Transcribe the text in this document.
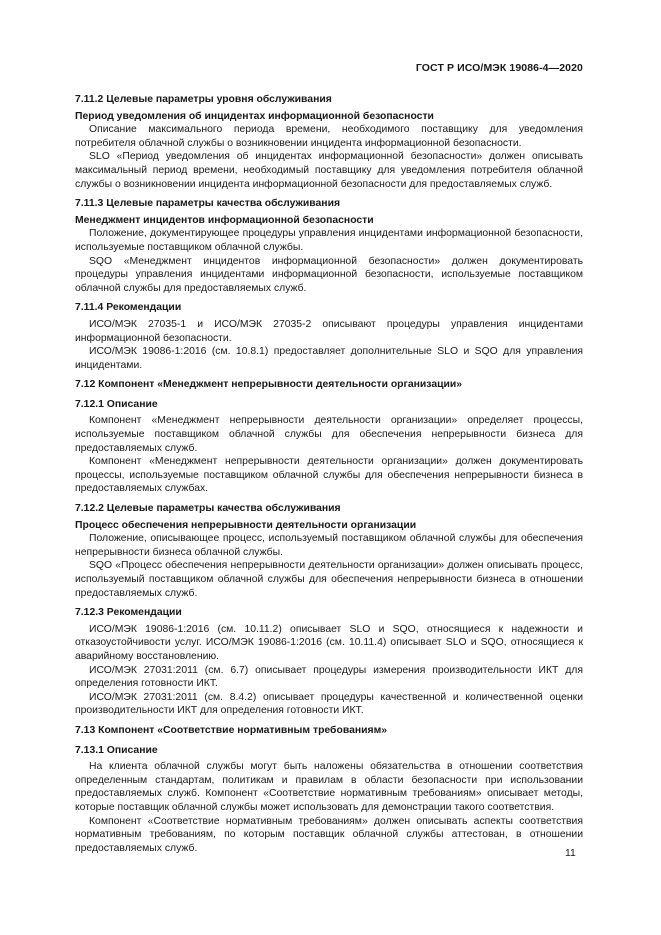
ГОСТ Р ИСО/МЭК 19086-4—2020
7.11.2 Целевые параметры уровня обслуживания
Период уведомления об инцидентах информационной безопасности
Описание максимального периода времени, необходимого поставщику для уведомления потребителя облачной службы о возникновении инцидента информационной безопасности.
SLO «Период уведомления об инцидентах информационной безопасности» должен описывать максимальный период времени, необходимый поставщику для уведомления потребителя облачной службы о возникновении инцидента информационной безопасности для предоставляемых служб.
7.11.3 Целевые параметры качества обслуживания
Менеджмент инцидентов информационной безопасности
Положение, документирующее процедуры управления инцидентами информационной безопасности, используемые поставщиком облачной службы.
SQO «Менеджмент инцидентов информационной безопасности» должен документировать процедуры управления инцидентами информационной безопасности, используемые поставщиком облачной службы для предоставляемых служб.
7.11.4 Рекомендации
ИСО/МЭК 27035-1 и ИСО/МЭК 27035-2 описывают процедуры управления инцидентами информационной безопасности.
ИСО/МЭК 19086-1:2016 (см. 10.8.1) предоставляет дополнительные SLO и SQO для управления инцидентами.
7.12 Компонент «Менеджмент непрерывности деятельности организации»
7.12.1 Описание
Компонент «Менеджмент непрерывности деятельности организации» определяет процессы, используемые поставщиком облачной службы для обеспечения непрерывности бизнеса для предоставляемых служб.
Компонент «Менеджмент непрерывности деятельности организации» должен документировать процессы, используемые поставщиком облачной службы для обеспечения непрерывности бизнеса в предоставляемых службах.
7.12.2 Целевые параметры качества обслуживания
Процесс обеспечения непрерывности деятельности организации
Положение, описывающее процесс, используемый поставщиком облачной службы для обеспечения непрерывности бизнеса облачной службы.
SQO «Процесс обеспечения непрерывности деятельности организации» должен описывать процесс, используемый поставщиком облачной службы для обеспечения непрерывности бизнеса в отношении предоставляемых служб.
7.12.3 Рекомендации
ИСО/МЭК 19086-1:2016 (см. 10.11.2) описывает SLO и SQO, относящиеся к надежности и отказоустойчивости услуг. ИСО/МЭК 19086-1:2016 (см. 10.11.4) описывает SLO и SQO, относящиеся к аварийному восстановлению.
ИСО/МЭК 27031:2011 (см. 6.7) описывает процедуры измерения производительности ИКТ для определения готовности ИКТ.
ИСО/МЭК 27031:2011 (см. 8.4.2) описывает процедуры качественной и количественной оценки производительности ИКТ для определения готовности ИКТ.
7.13 Компонент «Соответствие нормативным требованиям»
7.13.1 Описание
На клиента облачной службы могут быть наложены обязательства в отношении соответствия определенным стандартам, политикам и правилам в области безопасности при использовании предоставляемых служб. Компонент «Соответствие нормативным требованиям» описывает методы, которые поставщик облачной службы может использовать для демонстрации такого соответствия.
Компонент «Соответствие нормативным требованиям» должен описывать аспекты соответствия нормативным требованиям, по которым поставщик облачной службы аттестован, в отношении предоставляемых служб.	11
